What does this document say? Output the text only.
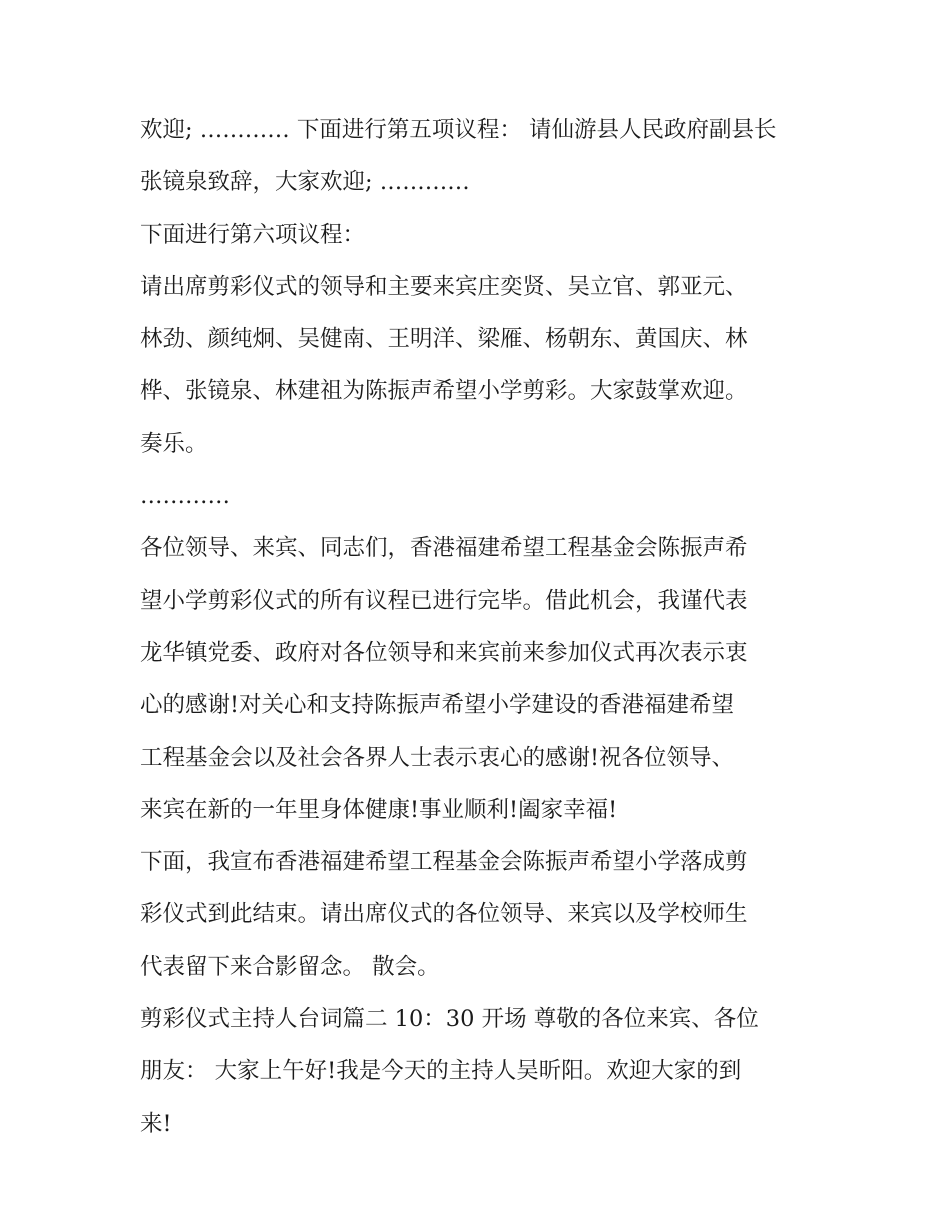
欢迎; ………… 下面进行第五项议程： 请仙游县人民政府副县长

张镜泉致辞，大家欢迎; …………

下面进行第六项议程：

请出席剪彩仪式的领导和主要来宾庄奕贤、吴立官、郭亚元、

林劲、颜纯炯、吴健南、王明洋、梁雁、杨朝东、黄国庆、林

桦、张镜泉、林建祖为陈振声希望小学剪彩。大家鼓掌欢迎。

奏乐。

…………

各位领导、来宾、同志们，香港福建希望工程基金会陈振声希

望小学剪彩仪式的所有议程已进行完毕。借此机会，我谨代表

龙华镇党委、政府对各位领导和来宾前来参加仪式再次表示衷

心的感谢!对关心和支持陈振声希望小学建设的香港福建希望

工程基金会以及社会各界人士表示衷心的感谢!祝各位领导、

来宾在新的一年里身体健康!事业顺利!阖家幸福!

下面，我宣布香港福建希望工程基金会陈振声希望小学落成剪

彩仪式到此结束。请出席仪式的各位领导、来宾以及学校师生

代表留下来合影留念。 散会。

剪彩仪式主持人台词篇二 10：30 开场 尊敬的各位来宾、各位

朋友： 大家上午好!我是今天的主持人吴昕阳。欢迎大家的到

来!
